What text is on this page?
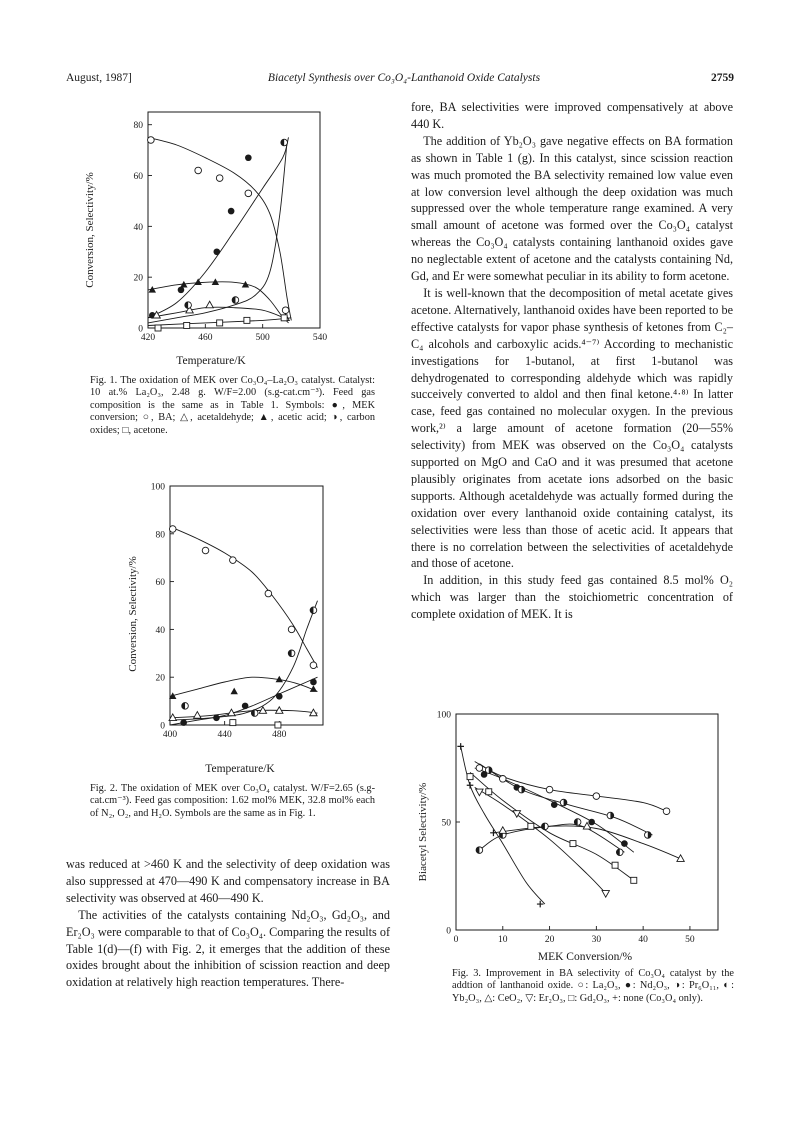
August, 1987]	Biacetyl Synthesis over Co₃O₄-Lanthanoid Oxide Catalysts	2759
0
20
40
60
80
420	460	500	540
Conversion, Selectivity/%
Temperature/K
Fig. 1. The oxidation of MEK over Co₃O₄–La₂O₃ catalyst. Catalyst: 10 at.% La₂O₃, 2.48 g. W/F=2.00 (s.g-cat.cm⁻³). Feed gas composition is the same as in Table 1. Symbols: ●, MEK conversion; ○, BA; △, acetaldehyde; ▲, acetic acid; ◑, carbon oxides; □, acetone.
0
20
40
60
80
100
400	440	480
Conversion, Selectivity/%
Temperature/K
Fig. 2. The oxidation of MEK over Co₃O₄ catalyst. W/F=2.65 (s.g-cat.cm⁻³). Feed gas composition: 1.62 mol% MEK, 32.8 mol% each of N₂, O₂, and H₂O. Symbols are the same as in Fig. 1.

was reduced at >460 K and the selectivity of deep oxidation was also suppressed at 470—490 K and compensatory increase in BA selectivity was observed at 460—490 K.

The activities of the catalysts containing Nd₂O₃, Gd₂O₃, and Er₂O₃ were comparable to that of Co₃O₄. Comparing the results of Table 1(d)—(f) with Fig. 2, it emerges that the addition of these oxides brought about the inhibition of scission reaction and deep oxidation at relatively high reaction temperatures. There-

fore, BA selectivities were improved compensatively at above 440 K.

The addition of Yb₂O₃ gave negative effects on BA formation as shown in Table 1 (g). In this catalyst, since scission reaction was much promoted the BA selectivity remained low value even at low conversion level although the deep oxidation was much suppressed over the whole temperature range examined. A very small amount of acetone was formed over the Co₃O₄ catalyst whereas the Co₃O₄ catalysts containing lanthanoid oxides gave no neglectable extent of acetone and the catalysts containing Nd, Gd, and Er were somewhat peculiar in its ability to form acetone.

It is well-known that the decomposition of metal acetate gives acetone. Alternatively, lanthanoid oxides have been reported to be effective catalysts for vapor phase synthesis of ketones from C₂–C₄ alcohols and carboxylic acids.⁴⁻⁷⁾ According to mechanistic investigations for 1-butanol, at first 1-butanol was dehydrogenated to corresponding aldehyde which was rapidly succeively converted to aldol and then final ketone.⁴·⁸⁾ In latter case, feed gas contained no molecular oxygen. In the previous work,²⁾ a large amount of acetone formation (20—55% selectivity) from MEK was observed on the Co₃O₄ catalysts supported on MgO and CaO and it was presumed that acetone plausibly originates from acetate ions adsorbed on the basic supports. Although acetaldehyde was actually formed during the oxidation over every lanthanoid oxide containing catalyst, its selectivities were less than those of acetic acid. It appears that there is no correlation between the selectivities of acetaldehyde and those of acetone.

In addition, in this study feed gas contained 8.5 mol% O₂ which was larger than the stoichiometric concentration of complete oxidation of MEK. It is

0
50
100
0	10	20	30	40	50
Biacetyl Selectivity/%
MEK Conversion/%
Fig. 3. Improvement in BA selectivity of Co₃O₄ catalyst by the addtion of lanthanoid oxide. ○: La₂O₃, ●: Nd₂O₃, ◑: Pr₆O₁₁, ◐: Yb₂O₃, △: CeO₂, ▽: Er₂O₃, □: Gd₂O₃, +: none (Co₃O₄ only).
